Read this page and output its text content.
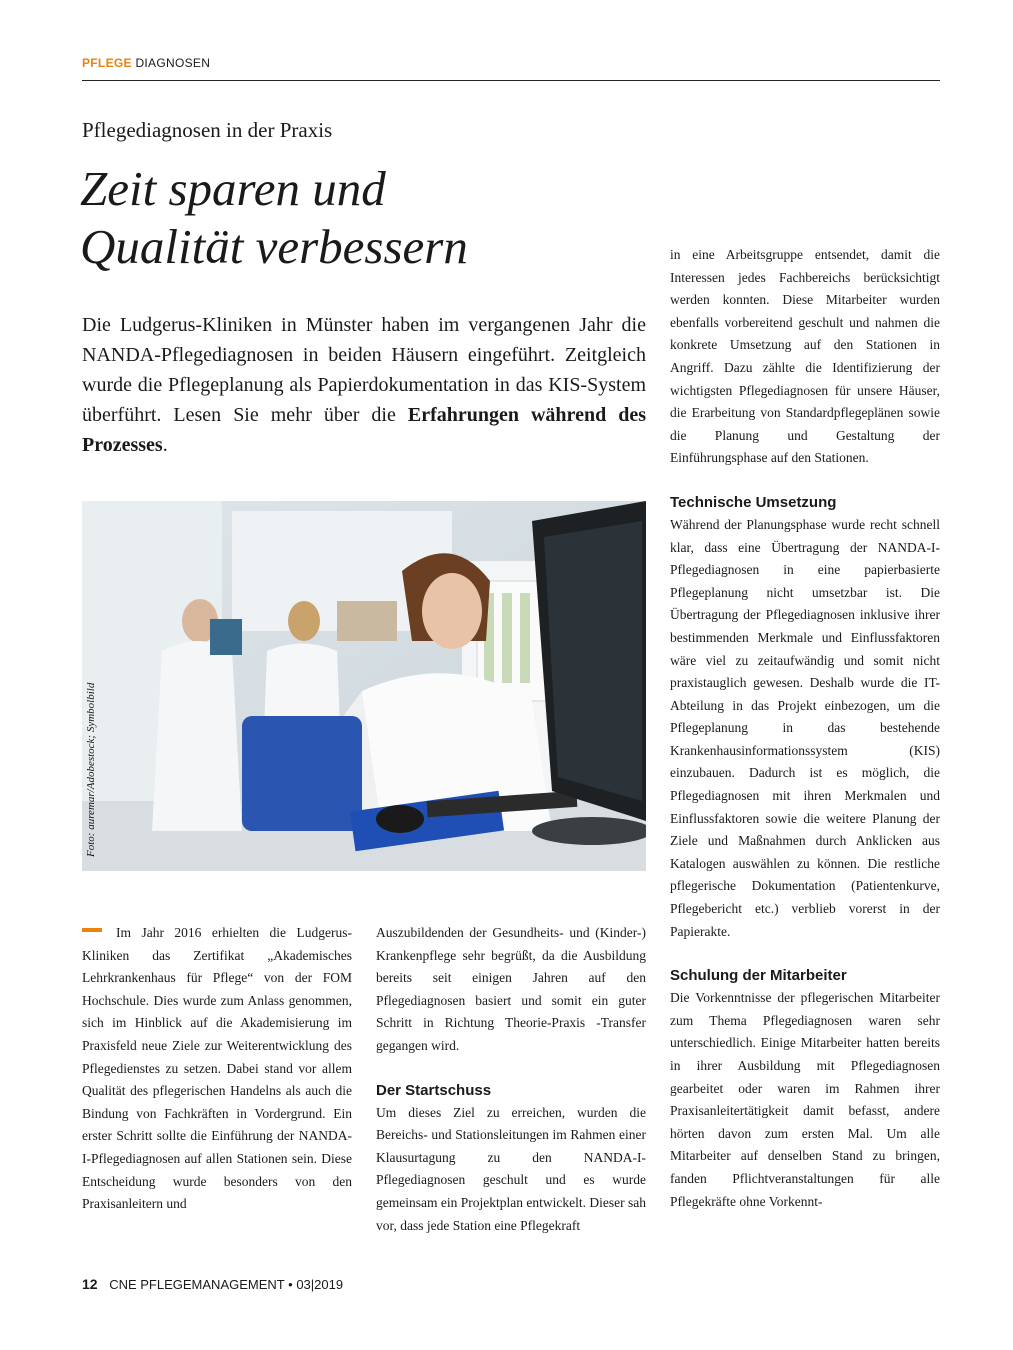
PFLEGE DIAGNOSEN
Pflegediagnosen in der Praxis
Zeit sparen und
Qualität verbessern

Die Ludgerus-Kliniken in Münster haben im vergangenen Jahr die NANDA-Pflegediagnosen in beiden Häusern eingeführt. Zeitgleich wurde die Pflegeplanung als Papierdokumentation in das KIS-System überführt. Lesen Sie mehr über die Erfahrungen während des Prozesses.

Foto: auremar/Adobestock; Symbolbild

Im Jahr 2016 erhielten die Ludgerus-Kliniken das Zertifikat „Akademisches Lehrkrankenhaus für Pflege“ von der FOM Hochschule. Dies wurde zum Anlass genommen, sich im Hinblick auf die Akademisierung im Praxisfeld neue Ziele zur Weiterentwicklung des Pflegedienstes zu setzen. Dabei stand vor allem Qualität des pflegerischen Handelns als auch die Bindung von Fachkräften in Vordergrund. Ein erster Schritt sollte die Einführung der NANDA-I-Pflegediagnosen auf allen Stationen sein. Diese Entscheidung wurde besonders von den Praxisanleitern und

Auszubildenden der Gesundheits- und (Kinder-) Krankenpflege sehr begrüßt, da die Ausbildung bereits seit einigen Jahren auf den Pflegediagnosen basiert und somit ein guter Schritt in Richtung Theorie-Praxis -Transfer gegangen wird.

Der Startschuss

Um dieses Ziel zu erreichen, wurden die Bereichs- und Stationsleitungen im Rahmen einer Klausurtagung zu den NANDA-I-Pflegediagnosen geschult und es wurde gemeinsam ein Projektplan entwickelt. Dieser sah vor, dass jede Station eine Pflegekraft

in eine Arbeitsgruppe entsendet, damit die Interessen jedes Fachbereichs berücksichtigt werden konnten. Diese Mitarbeiter wurden ebenfalls vorbereitend geschult und nahmen die konkrete Umsetzung auf den Stationen in Angriff. Dazu zählte die Identifizierung der wichtigsten Pflegediagnosen für unsere Häuser, die Erarbeitung von Standardpflegeplänen sowie die Planung und Gestaltung der Einführungsphase auf den Stationen.

Technische Umsetzung

Während der Planungsphase wurde recht schnell klar, dass eine Übertragung der NANDA-I-Pflegediagnosen in eine papierbasierte Pflegeplanung nicht umsetzbar ist. Die Übertragung der Pflegediagnosen inklusive ihrer bestimmenden Merkmale und Einflussfaktoren wäre viel zu zeitaufwändig und somit nicht praxistauglich gewesen. Deshalb wurde die IT-Abteilung in das Projekt einbezogen, um die Pflegeplanung in das bestehende Krankenhausinformationssystem (KIS) einzubauen. Dadurch ist es möglich, die Pflegediagnosen mit ihren Merkmalen und Einflussfaktoren sowie die weitere Planung der Ziele und Maßnahmen durch Anklicken aus Katalogen auswählen zu können. Die restliche pflegerische Dokumentation (Patientenkurve, Pflegebericht etc.) verblieb vorerst in der Papierakte.

Schulung der Mitarbeiter

Die Vorkenntnisse der pflegerischen Mitarbeiter zum Thema Pflegediagnosen waren sehr unterschiedlich. Einige Mitarbeiter hatten bereits in ihrer Ausbildung mit Pflegediagnosen gearbeitet oder waren im Rahmen ihrer Praxisanleitertätigkeit damit befasst, andere hörten davon zum ersten Mal. Um alle Mitarbeiter auf denselben Stand zu bringen, fanden Pflichtveranstaltungen für alle Pflegekräfte ohne Vorkennt-

12 CNE PFLEGEMANAGEMENT • 03|2019
